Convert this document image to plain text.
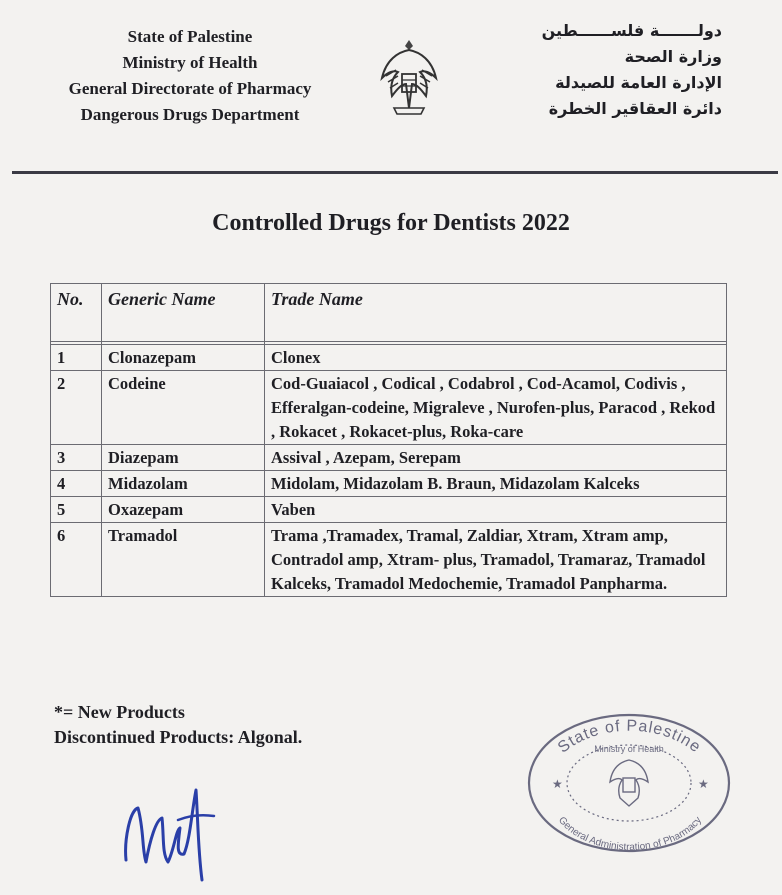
State of Palestine
Ministry of Health
General Directorate of Pharmacy
Dangerous Drugs Department
دولـــــــة فلســــــطين
وزارة الصحة
الإدارة العامة للصيدلة
دائرة العقاقير الخطرة
Controlled Drugs for Dentists 2022
No.	Generic Name	Trade Name

1	Clonazepam	Clonex
2	Codeine	Cod-Guaiacol , Codical , Codabrol , Cod-Acamol, Codivis , Efferalgan-codeine, Migraleve , Nurofen-plus, Paracod , Rekod , Rokacet , Rokacet-plus, Roka-care
3	Diazepam	Assival , Azepam, Serepam
4	Midazolam	Midolam, Midazolam B. Braun, Midazolam Kalceks
5	Oxazepam	Vaben
6	Tramadol	Trama ,Tramadex, Tramal, Zaldiar, Xtram, Xtram amp, Contradol amp, Xtram- plus, Tramadol, Tramaraz, Tramadol Kalceks, Tramadol Medochemie, Tramadol Panpharma.
*= New Products
Discontinued Products: Algonal.	State of Palestine
Ministry of Health
General Administration of Pharmacy
★	★
